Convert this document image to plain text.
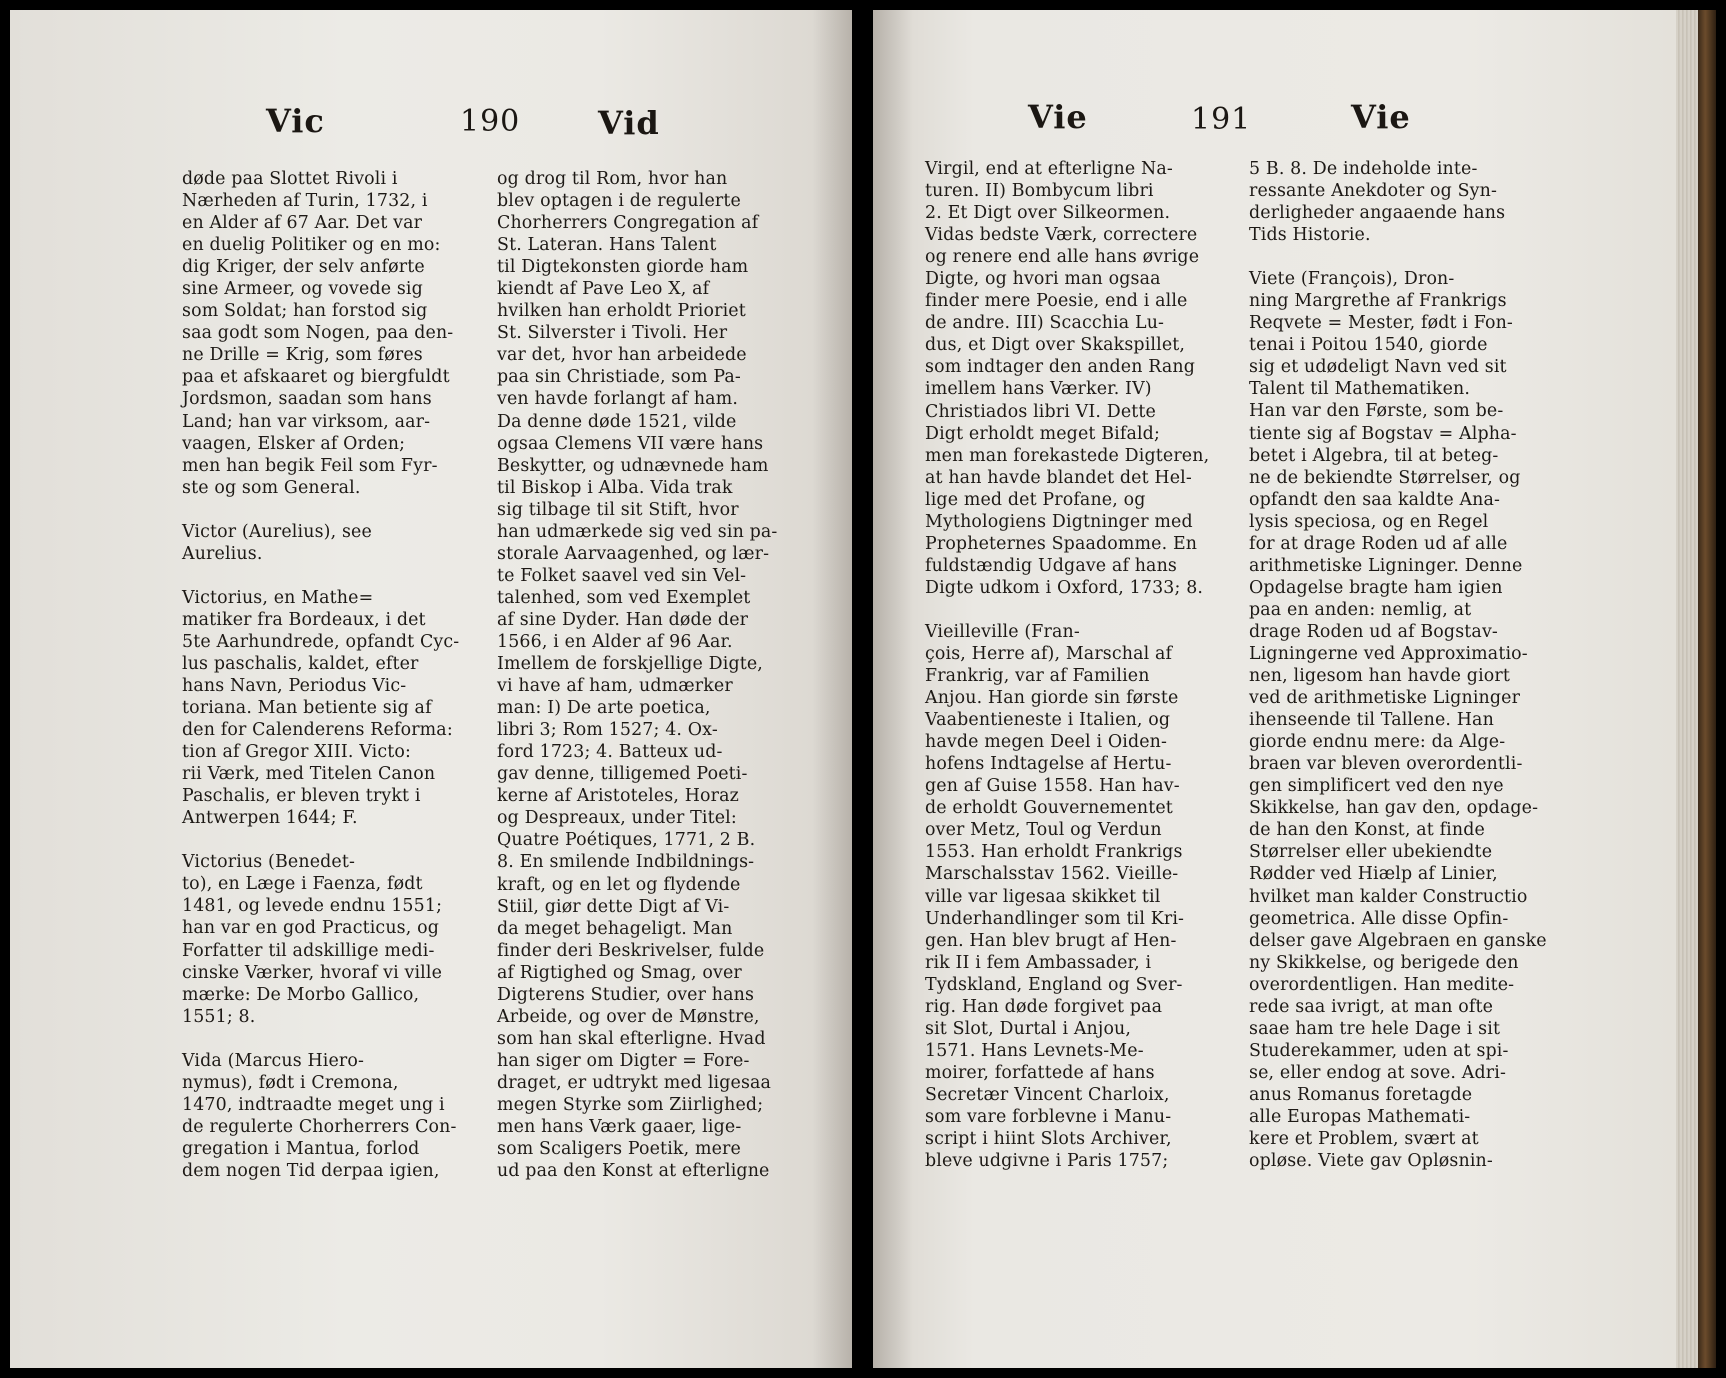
Vic	190 Vid
døde paa Slottet Rivoli i
Nærheden af Turin, 1732, i
en Alder af 67 Aar. Det var
en duelig Politiker og en mo:
dig Kriger, der selv anførte
sine Armeer, og vovede sig
som Soldat; han forstod sig
saa godt som Nogen, paa den-
ne Drille = Krig, som føres
paa et afskaaret og biergfuldt
Jordsmon, saadan som hans
Land; han var virksom, aar-
vaagen, Elsker af Orden;
men han begik Feil som Fyr-
ste og som General.
Victor (Aurelius), see
Aurelius.
Victorius, en Mathe=
matiker fra Bordeaux, i det
5te Aarhundrede, opfandt Cyc-
lus paschalis, kaldet, efter
hans Navn, Periodus Vic-
toriana. Man betiente sig af
den for Calenderens Reforma:
tion af Gregor XIII. Victo:
rii Værk, med Titelen Canon
Paschalis, er bleven trykt i
Antwerpen 1644; F.
Victorius (Benedet-
to), en Læge i Faenza, født
1481, og levede endnu 1551;
han var en god Practicus, og
Forfatter til adskillige medi-
cinske Værker, hvoraf vi ville
mærke: De Morbo Gallico,
1551; 8.
Vida (Marcus Hiero-
nymus), født i Cremona,
1470, indtraadte meget ung i
de regulerte Chorherrers Con-
gregation i Mantua, forlod
dem nogen Tid derpaa igien,
og drog til Rom, hvor han
blev optagen i de regulerte
Chorherrers Congregation af
St. Lateran. Hans Talent
til Digtekonsten giorde ham
kiendt af Pave Leo X, af
hvilken han erholdt Prioriet
St. Silverster i Tivoli. Her
var det, hvor han arbeidede
paa sin Christiade, som Pa-
ven havde forlangt af ham.
Da denne døde 1521, vilde
ogsaa Clemens VII være hans
Beskytter, og udnævnede ham
til Biskop i Alba. Vida trak
sig tilbage til sit Stift, hvor
han udmærkede sig ved sin pa-
storale Aarvaagenhed, og lær-
te Folket saavel ved sin Vel-
talenhed, som ved Exemplet
af sine Dyder. Han døde der
1566, i en Alder af 96 Aar.
Imellem de forskjellige Digte,
vi have af ham, udmærker
man: I) De arte poetica,
libri 3; Rom 1527; 4. Ox-
ford 1723; 4. Batteux ud-
gav denne, tilligemed Poeti-
kerne af Aristoteles, Horaz
og Despreaux, under Titel:
Quatre Poétiques, 1771, 2 B.
8. En smilende Indbildnings-
kraft, og en let og flydende
Stiil, giør dette Digt af Vi-
da meget behageligt. Man
finder deri Beskrivelser, fulde
af Rigtighed og Smag, over
Digterens Studier, over hans
Arbeide, og over de Mønstre,
som han skal efterligne. Hvad
han siger om Digter = Fore-
draget, er udtrykt med ligesaa
megen Styrke som Ziirlighed;
men hans Værk gaaer, lige-
som Scaligers Poetik, mere
ud paa den Konst at efterligne
Vie	191	Vie
Virgil, end at efterligne Na-
turen. II) Bombycum libri
2. Et Digt over Silkeormen.
Vidas bedste Værk, correctere
og renere end alle hans øvrige
Digte, og hvori man ogsaa
finder mere Poesie, end i alle
de andre. III) Scacchia Lu-
dus, et Digt over Skakspillet,
som indtager den anden Rang
imellem hans Værker. IV)
Christiados libri VI. Dette
Digt erholdt meget Bifald;
men man forekastede Digteren,
at han havde blandet det Hel-
lige med det Profane, og
Mythologiens Digtninger med
Propheternes Spaadomme. En
fuldstændig Udgave af hans
Digte udkom i Oxford, 1733; 8.
Vieilleville (Fran-
çois, Herre af), Marschal af
Frankrig, var af Familien
Anjou. Han giorde sin første
Vaabentieneste i Italien, og
havde megen Deel i Oiden-
hofens Indtagelse af Hertu-
gen af Guise 1558. Han hav-
de erholdt Gouvernementet
over Metz, Toul og Verdun
1553. Han erholdt Frankrigs
Marschalsstav 1562. Vieille-
ville var ligesaa skikket til
Underhandlinger som til Kri-
gen. Han blev brugt af Hen-
rik II i fem Ambassader, i
Tydskland, England og Sver-
rig. Han døde forgivet paa
sit Slot, Durtal i Anjou,
1571. Hans Levnets-Me-
moirer, forfattede af hans
Secretær Vincent Charloix,
som vare forblevne i Manu-
script i hiint Slots Archiver,
bleve udgivne i Paris 1757;
5 B. 8. De indeholde inte-
ressante Anekdoter og Syn-
derligheder angaaende hans
Tids Historie.
Viete (François), Dron-
ning Margrethe af Frankrigs
Reqvete = Mester, født i Fon-
tenai i Poitou 1540, giorde
sig et udødeligt Navn ved sit
Talent til Mathematiken.
Han var den Første, som be-
tiente sig af Bogstav = Alpha-
betet i Algebra, til at beteg-
ne de bekiendte Størrelser, og
opfandt den saa kaldte Ana-
lysis speciosa, og en Regel
for at drage Roden ud af alle
arithmetiske Ligninger. Denne
Opdagelse bragte ham igien
paa en anden: nemlig, at
drage Roden ud af Bogstav-
Ligningerne ved Approximatio-
nen, ligesom han havde giort
ved de arithmetiske Ligninger
ihenseende til Tallene. Han
giorde endnu mere: da Alge-
braen var bleven overordentli-
gen simplificert ved den nye
Skikkelse, han gav den, opdage-
de han den Konst, at finde
Størrelser eller ubekiendte
Rødder ved Hiælp af Linier,
hvilket man kalder Constructio
geometrica. Alle disse Opfin-
delser gave Algebraen en ganske
ny Skikkelse, og berigede den
overordentligen. Han medite-
rede saa ivrigt, at man ofte
saae ham tre hele Dage i sit
Studerekammer, uden at spi-
se, eller endog at sove. Adri-
anus Romanus foretagde
alle Europas Mathemati-
kere et Problem, svært at
opløse. Viete gav Opløsnin-
